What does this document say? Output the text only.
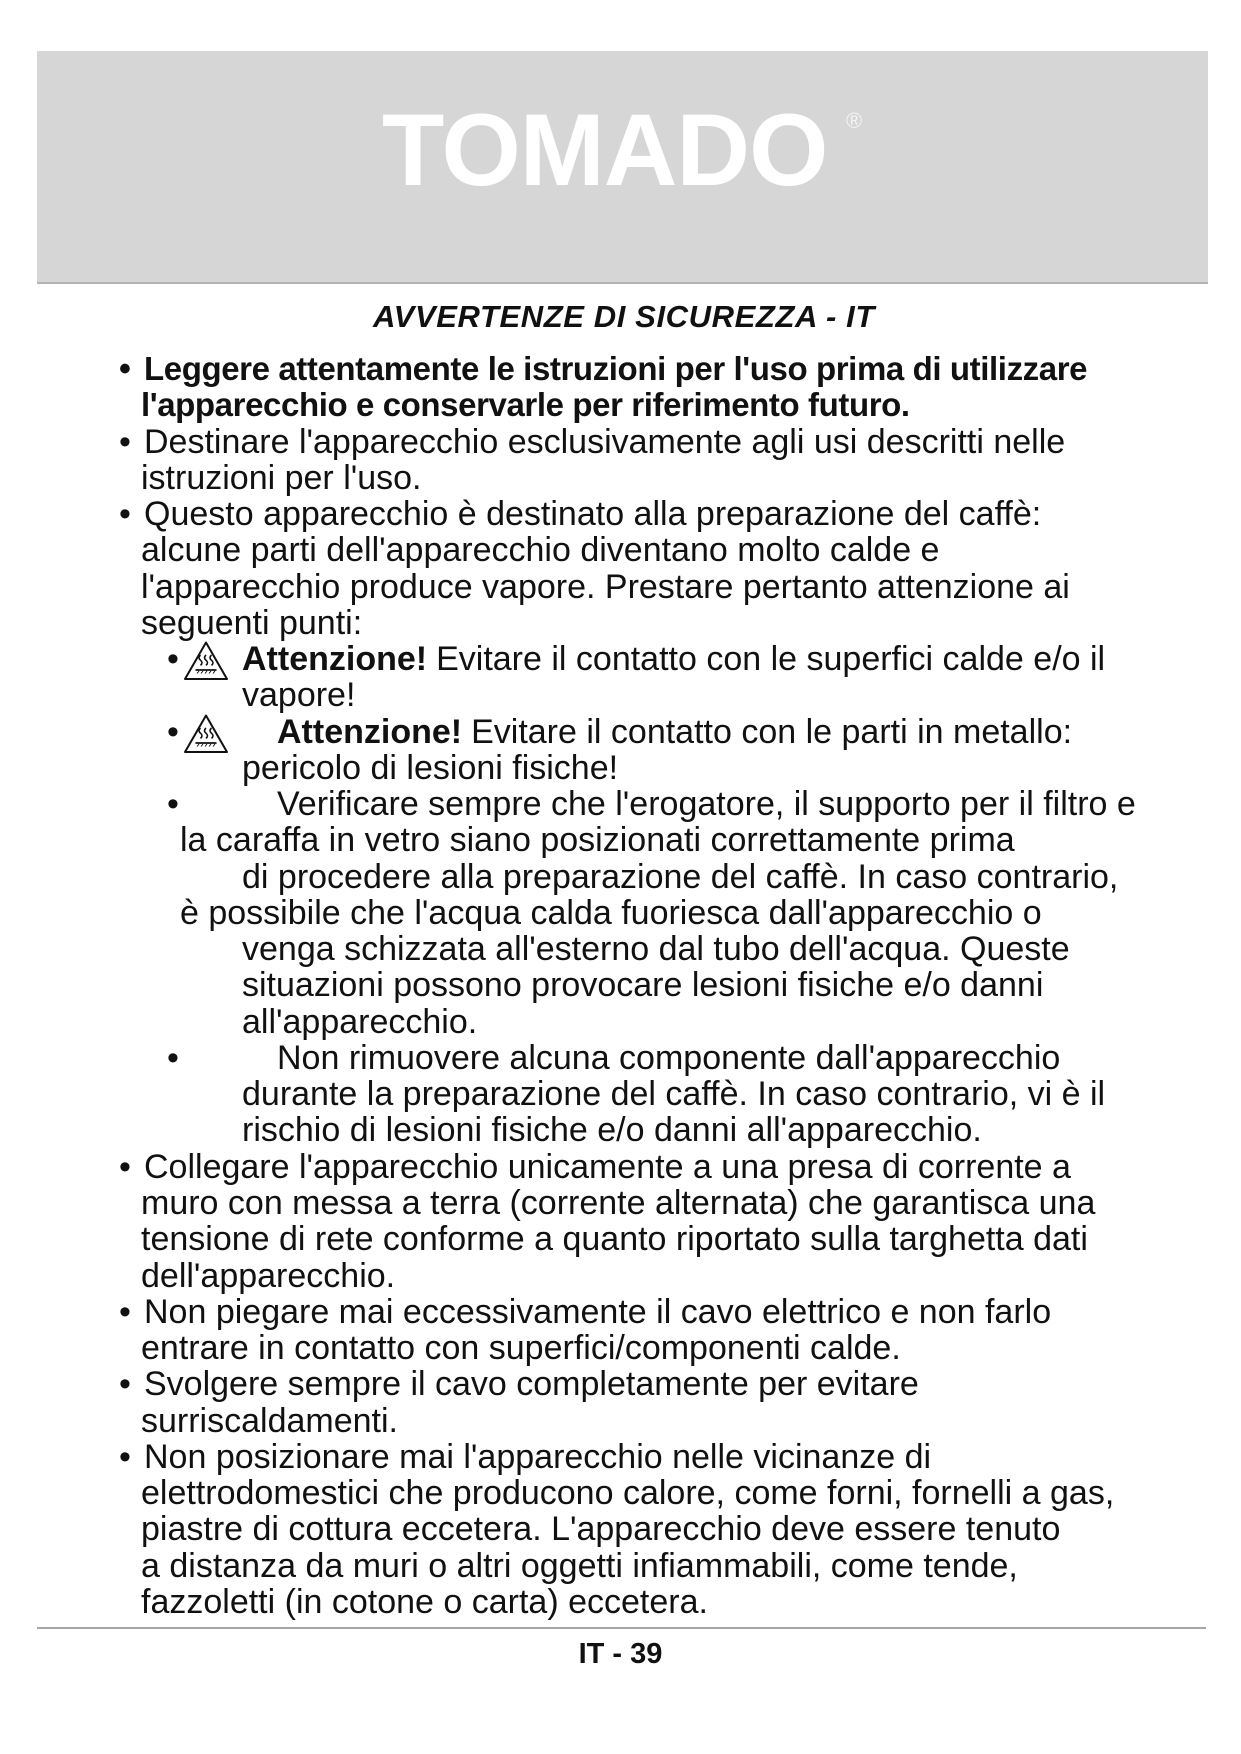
TOMADO ®
AVVERTENZE DI SICUREZZA - IT
• Leggere attentamente le istruzioni per l'uso prima di utilizzare
l'apparecchio e conservarle per riferimento futuro.
• Destinare l'apparecchio esclusivamente agli usi descritti nelle
istruzioni per l'uso.
• Questo apparecchio è destinato alla preparazione del caffè:
alcune parti dell'apparecchio diventano molto calde e
l'apparecchio produce vapore. Prestare pertanto attenzione ai
seguenti punti:
• Attenzione! Evitare il contatto con le superfici calde e/o il
vapore!
•	Attenzione! Evitare il contatto con le parti in metallo:
pericolo di lesioni fisiche!
•	Verificare sempre che l'erogatore, il supporto per il filtro e
la caraffa in vetro siano posizionati correttamente prima
di procedere alla preparazione del caffè. In caso contrario,
è possibile che l'acqua calda fuoriesca dall'apparecchio o
venga schizzata all'esterno dal tubo dell'acqua. Queste
situazioni possono provocare lesioni fisiche e/o danni
all'apparecchio.
•	Non rimuovere alcuna componente dall'apparecchio
durante la preparazione del caffè. In caso contrario, vi è il
rischio di lesioni fisiche e/o danni all'apparecchio.
• Collegare l'apparecchio unicamente a una presa di corrente a
muro con messa a terra (corrente alternata) che garantisca una
tensione di rete conforme a quanto riportato sulla targhetta dati
dell'apparecchio.
• Non piegare mai eccessivamente il cavo elettrico e non farlo
entrare in contatto con superfici/componenti calde.
• Svolgere sempre il cavo completamente per evitare
surriscaldamenti.
• Non posizionare mai l'apparecchio nelle vicinanze di
elettrodomestici che producono calore, come forni, fornelli a gas,
piastre di cottura eccetera. L'apparecchio deve essere tenuto
a distanza da muri o altri oggetti infiammabili, come tende,
fazzoletti (in cotone o carta) eccetera.
IT - 39
